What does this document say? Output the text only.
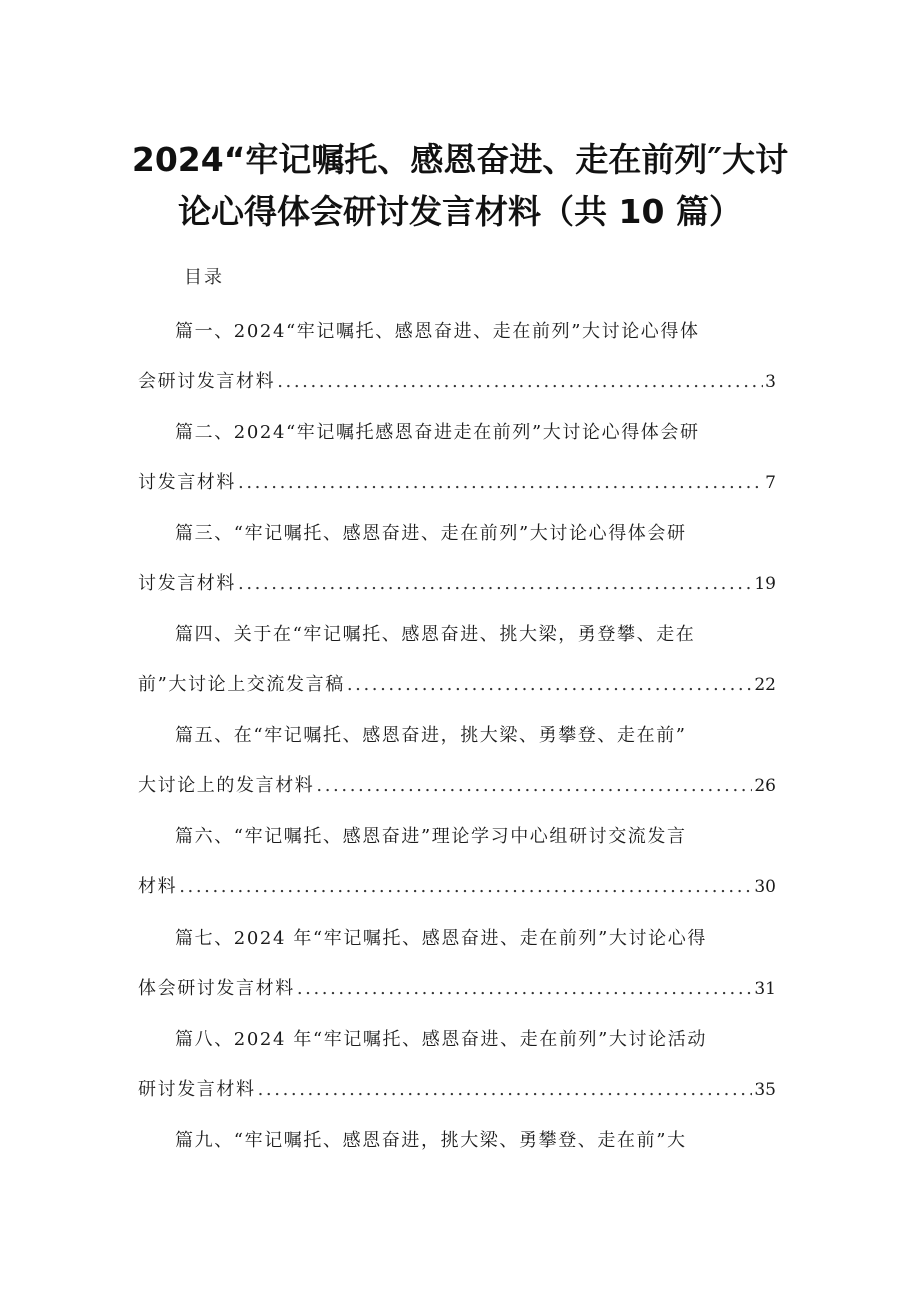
2024“牢记嘱托、感恩奋进、走在前列″大讨
论心得体会研讨发言材料（共 10 篇）
目录
篇一、2024“牢记嘱托、感恩奋进、走在前列”大讨论心得体
会研讨发言材料 .....	3
篇二、2024“牢记嘱托感恩奋进走在前列”大讨论心得体会研
讨发言材料 .....	7
篇三、“牢记嘱托、感恩奋进、走在前列”大讨论心得体会研
讨发言材料 .....	19
篇四、关于在“牢记嘱托、感恩奋进、挑大梁，勇登攀、走在
前”大讨论上交流发言稿 .....	22
篇五、在“牢记嘱托、感恩奋进，挑大梁、勇攀登、走在前”
大讨论上的发言材料 .....	26
篇六、“牢记嘱托、感恩奋进”理论学习中心组研讨交流发言
材料 .....	30
篇七、2024 年“牢记嘱托、感恩奋进、走在前列”大讨论心得
体会研讨发言材料 .....	31
篇八、2024 年“牢记嘱托、感恩奋进、走在前列”大讨论活动
研讨发言材料 .....	35
篇九、“牢记嘱托、感恩奋进，挑大梁、勇攀登、走在前”大
